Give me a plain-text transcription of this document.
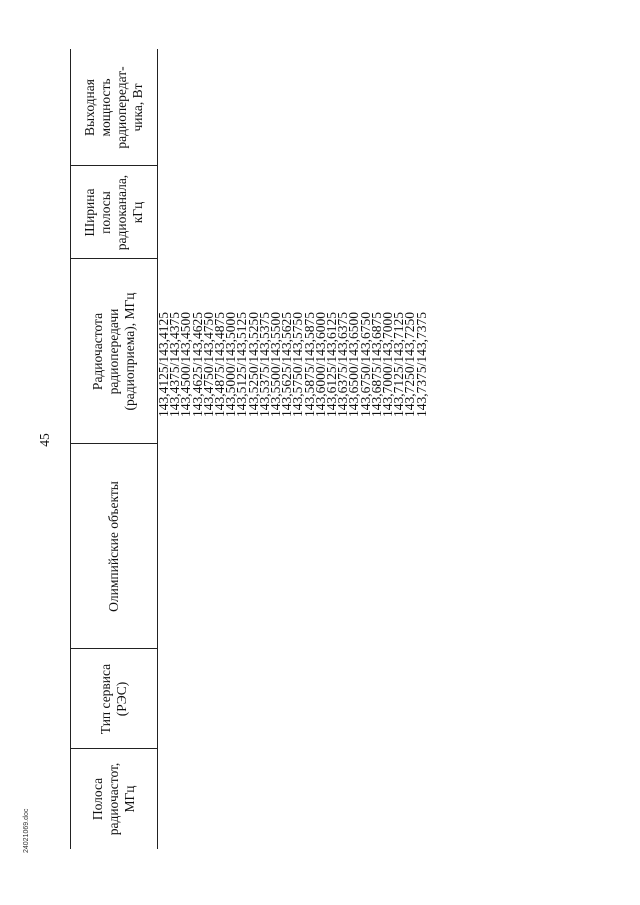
Полоса
радиочастот,
МГц
Тип сервиса
(РЭС)
Олимпийские объекты
Радиочастота
радиопередачи
(радиоприема), МГц
Ширина
полосы
радиоканала,
кГц
Выходная
мощность
радиопередат-
чика, Вт
143,4125/143,4125
143,4375/143,4375
143,4500/143,4500
143,4625/143,4625
143,4750/143,4750
143,4875/143,4875
143,5000/143,5000
143,5125/143,5125
143,5250/143,5250
143,5375/143,5375
143,5500/143,5500
143,5625/143,5625
143,5750/143,5750
143,5875/143,5875
143,6000/143,6000
143,6125/143,6125
143,6375/143,6375
143,6500/143,6500
143,6750/143,6750
143,6875/143,6875
143,7000/143,7000
143,7125/143,7125
143,7250/143,7250
143,7375/143,7375
45
24021069.doc
